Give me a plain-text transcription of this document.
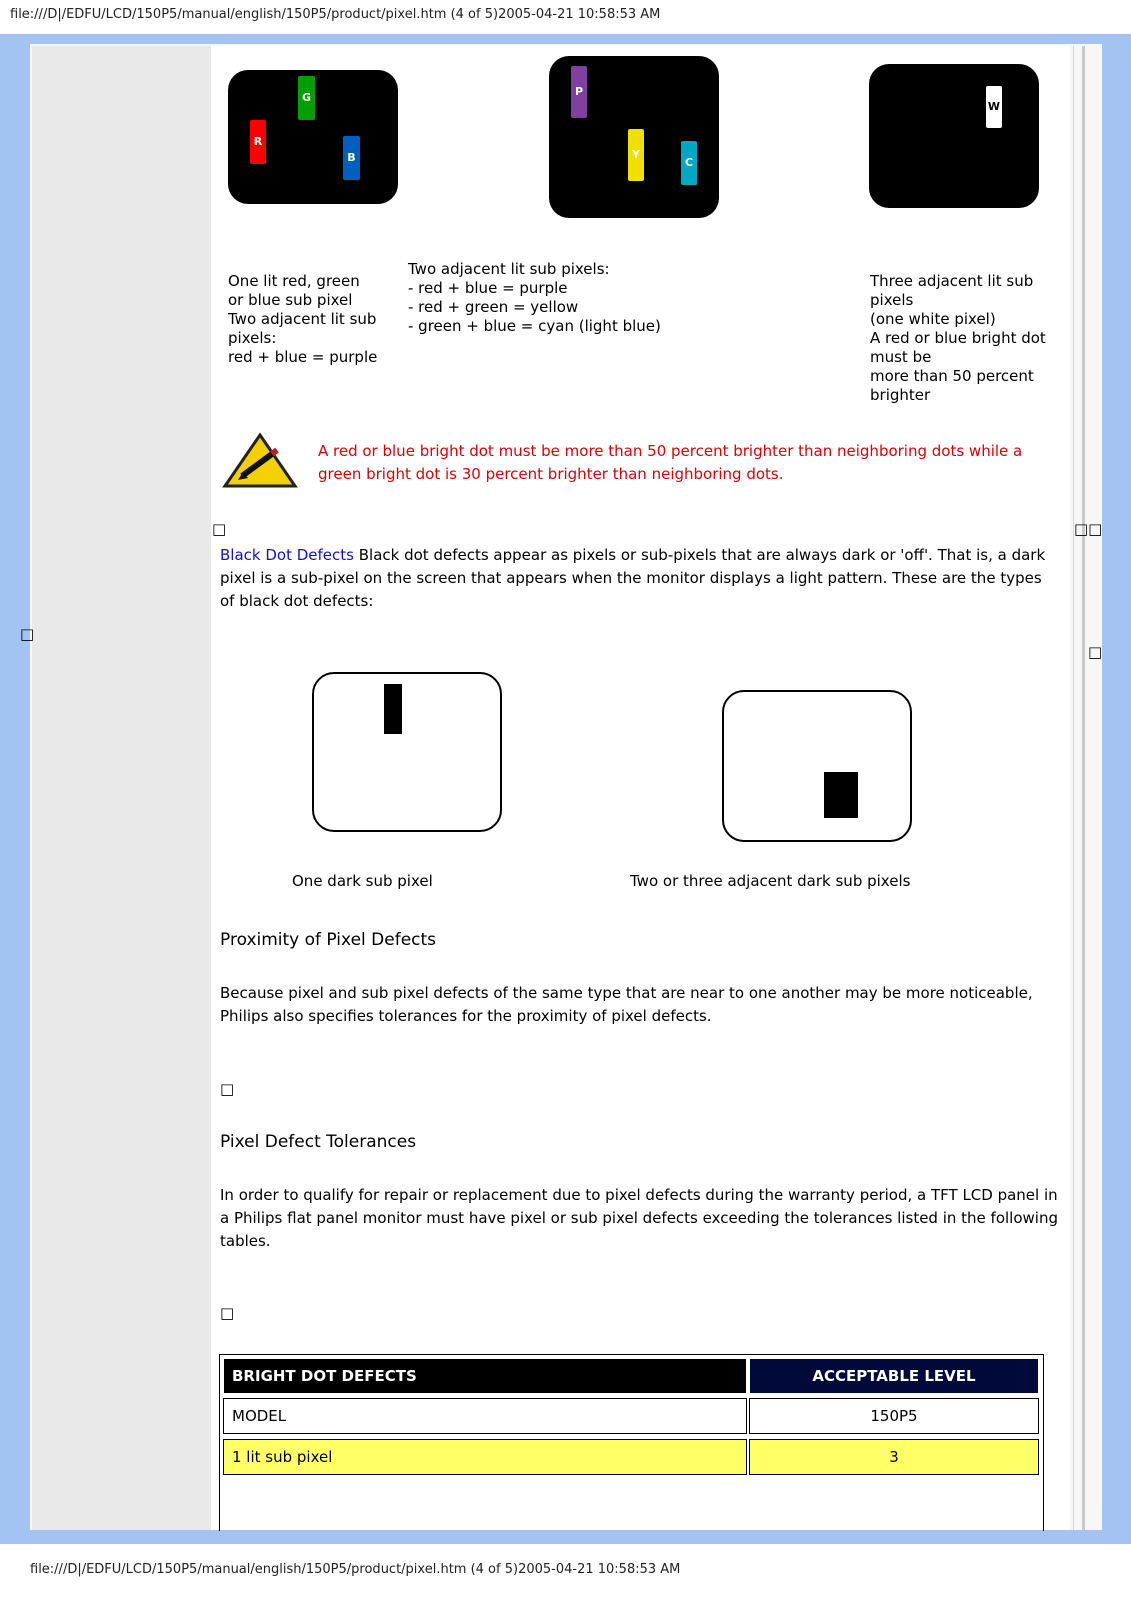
file:///D|/EDFU/LCD/150P5/manual/english/150P5/product/pixel.htm (4 of 5)2005-04-21 10:58:53 AM
R
G
B
P
Y
C
W
One lit red, green
or blue sub pixel
Two adjacent lit sub pixels:
red + blue = purple
Two adjacent lit sub pixels:
- red + blue = purple
- red + green = yellow
- green + blue = cyan (light blue)
Three adjacent lit sub pixels
(one white pixel)
A red or blue bright dot must be
more than 50 percent brighter
A red or blue bright dot must be more than 50 percent brighter than neighboring dots while a green bright dot is 30 percent brighter than neighboring dots.
□	□□
□
□
Black Dot Defects Black dot defects appear as pixels or sub-pixels that are always dark or 'off'. That is, a dark pixel is a sub-pixel on the screen that appears when the monitor displays a light pattern. These are the types of black dot defects:
One dark sub pixel	Two or three adjacent dark sub pixels
Proximity of Pixel Defects
Because pixel and sub pixel defects of the same type that are near to one another may be more noticeable, Philips also specifies tolerances for the proximity of pixel defects.
□
Pixel Defect Tolerances
In order to qualify for repair or replacement due to pixel defects during the warranty period, a TFT LCD panel in a Philips flat panel monitor must have pixel or sub pixel defects exceeding the tolerances listed in the following tables.
□
BRIGHT DOT DEFECTS	ACCEPTABLE LEVEL
MODEL	150P5
1 lit sub pixel	3
file:///D|/EDFU/LCD/150P5/manual/english/150P5/product/pixel.htm (4 of 5)2005-04-21 10:58:53 AM
